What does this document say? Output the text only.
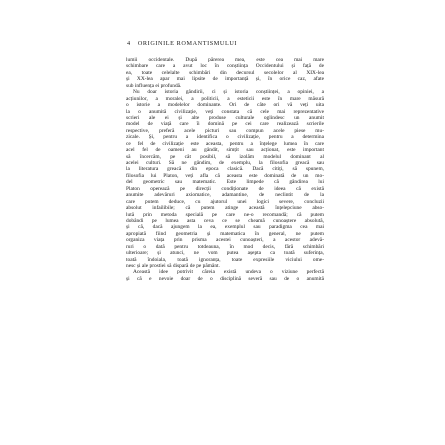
4 ORIGINILE ROMANTISMULUI
lumii occidentale. După părerea mea, este cea mai mare
schimbare care a avut loc în conștiința Occidentului și față de
ea, toate celelalte schimbări din decursul secolelor al XIX-lea
și XX-lea apar mai lipsite de importanță și, în orice caz, afate
sub influența ei profundă.
Nu doar istoria gândirii, ci și istoria conștiinței, a opiniei, a
acțiunilor, a moralei, a politicii, a esteticii este în mare măsură
o istorie a modelelor dominante. Ori de câte ori vă veți uita
la o anumită civilizație, veți constata că cele mai reprezentative
scrieri ale ei și alte produse culturale oglindesc un anumit
model de viață care îi domină pe cei care realizează scrierile
respective, preferă acele picturi sau compun acele piese mu-
zicale. Și, pentru a identifica o civilizație, pentru a determina
ce fel de civilizație este aceasta, pentru a înțelege lumea în care
acel fel de oameni au gândit, simțit sau acționat, este important
să încercăm, pe cât posibil, să izolăm modelul dominant al
acelei culturi. Să ne gândim, de exemplu, la filosofia greacă sau
la literatura greacă din epoca clasică. Dacă citiți, să spunem,
filosofia lui Platon, veți afla că aceasta este dominată de un mo-
del geometric sau matematic. Este limpede că gândirea lui
Platon operează pe direcții condiționate de ideea că există
anumite adevăruri axiomatice, adamantine, de neclintit de la
care putem deduce, cu ajutorul unei logici severe, concluzii
absolut infailibile; că putem atinge această înțelepciune abso-
lută prin metoda specială pe care ne-o recomandă; că putem
dobândi pe lumea asta ceva ce se cheamă cunoaștere absolută,
și că, dacă ajungem la ea, exemplul sau paradigma cea mai
apropiată fiind geometria și matematica în general, ne putem
organiza viața prin prisma acestei cunoașteri, a acestor adevă-
ruri o dată pentru totdeauna, în mod decis, fără schimbări
ulterioare; și atunci, ne vom putea așepta ca toată suferința,
toată îndoiala, toată ignoranța, toate expresiile viciului ome-
nesc și ale prostiei să dispară de pe pământ.
Această idee potrivit căreia există undeva o viziune perfectă
și că e nevoie doar de o disciplină severă sau de o anumită
